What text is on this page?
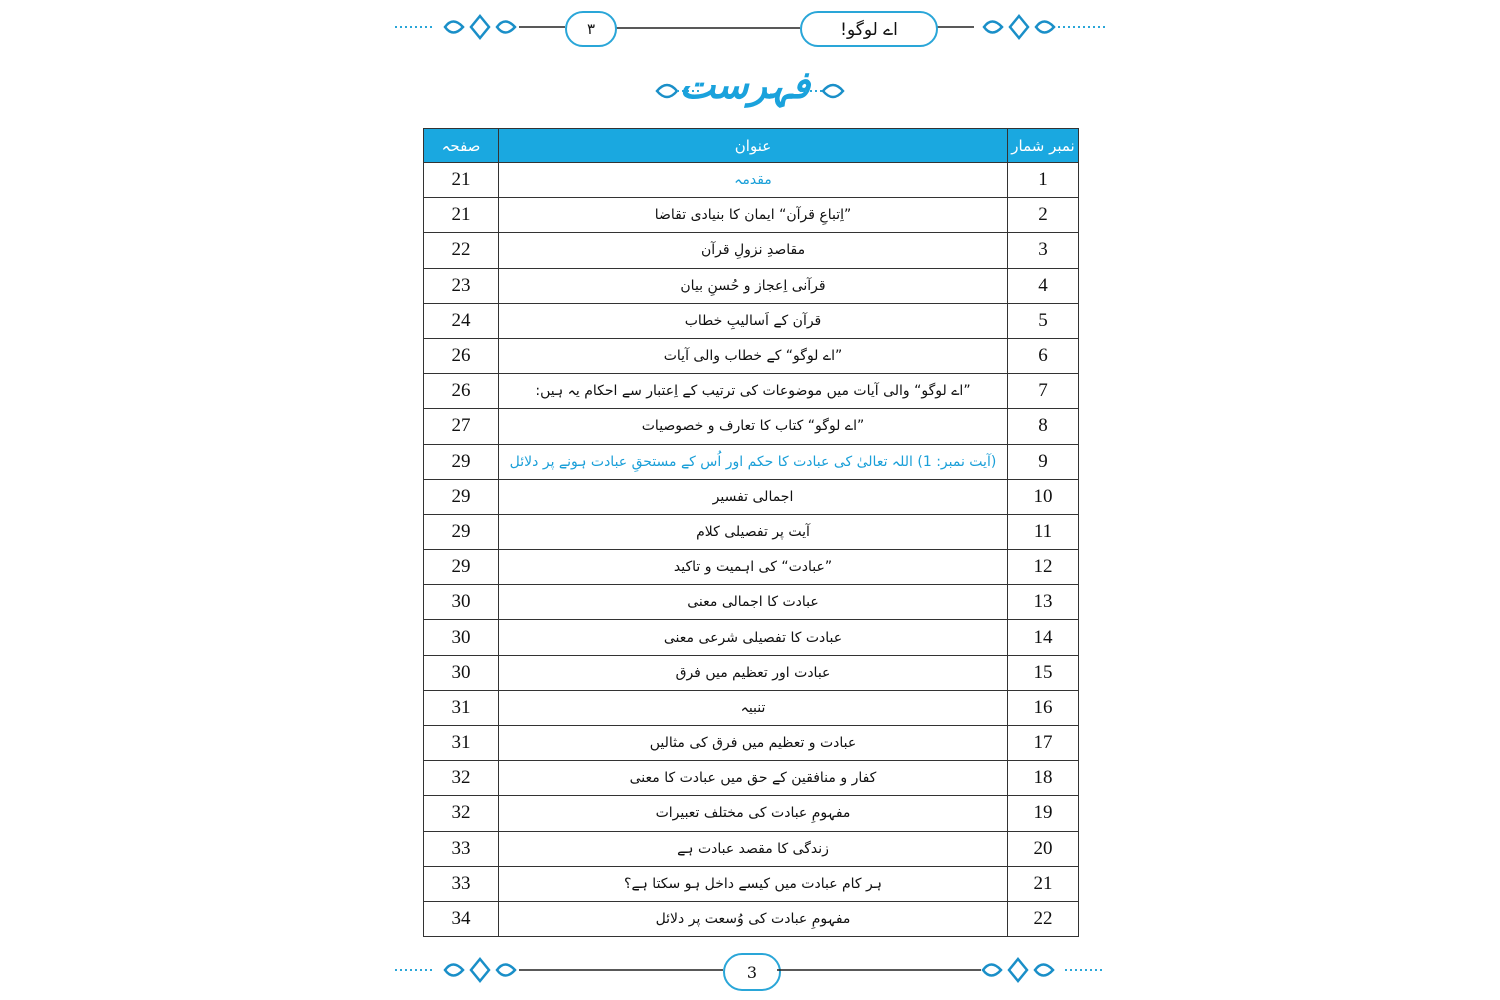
۳	اے لوگو!
فہرست
صفحہ	عنوان	نمبر شمار
21	مقدمہ	1
21	”اِتباعِ قرآن“ ایمان کا بنیادی تقاضا	2
22	مقاصدِ نزولِ قرآن	3
23	قرآنی اِعجاز و حُسنِ بیان	4
24	قرآن کے اَسالیبِ خطاب	5
26	”اے لوگو“ کے خطاب والی آیات	6
26	”اے لوگو“ والی آیات میں موضوعات کی ترتیب کے اِعتبار سے احکام یہ ہیں:	7
27	”اے لوگو“ کتاب کا تعارف و خصوصیات	8
29	(آیت نمبر: 1) اللہ تعالیٰ کی عبادت کا حکم اور اُس کے مستحقِ عبادت ہونے پر دلائل	9
29	اجمالی تفسیر	10
29	آیت پر تفصیلی کلام	11
29	”عبادت“ کی اہمیت و تاکید	12
30	عبادت کا اجمالی معنی	13
30	عبادت کا تفصیلی شرعی معنی	14
30	عبادت اور تعظیم میں فرق	15
31	تنبیہ	16
31	عبادت و تعظیم میں فرق کی مثالیں	17
32	کفار و منافقین کے حق میں عبادت کا معنی	18
32	مفہومِ عبادت کی مختلف تعبیرات	19
33	زندگی کا مقصد عبادت ہے	20
33	ہر کام عبادت میں کیسے داخل ہو سکتا ہے؟	21
34	مفہومِ عبادت کی وُسعت پر دلائل	22
3
